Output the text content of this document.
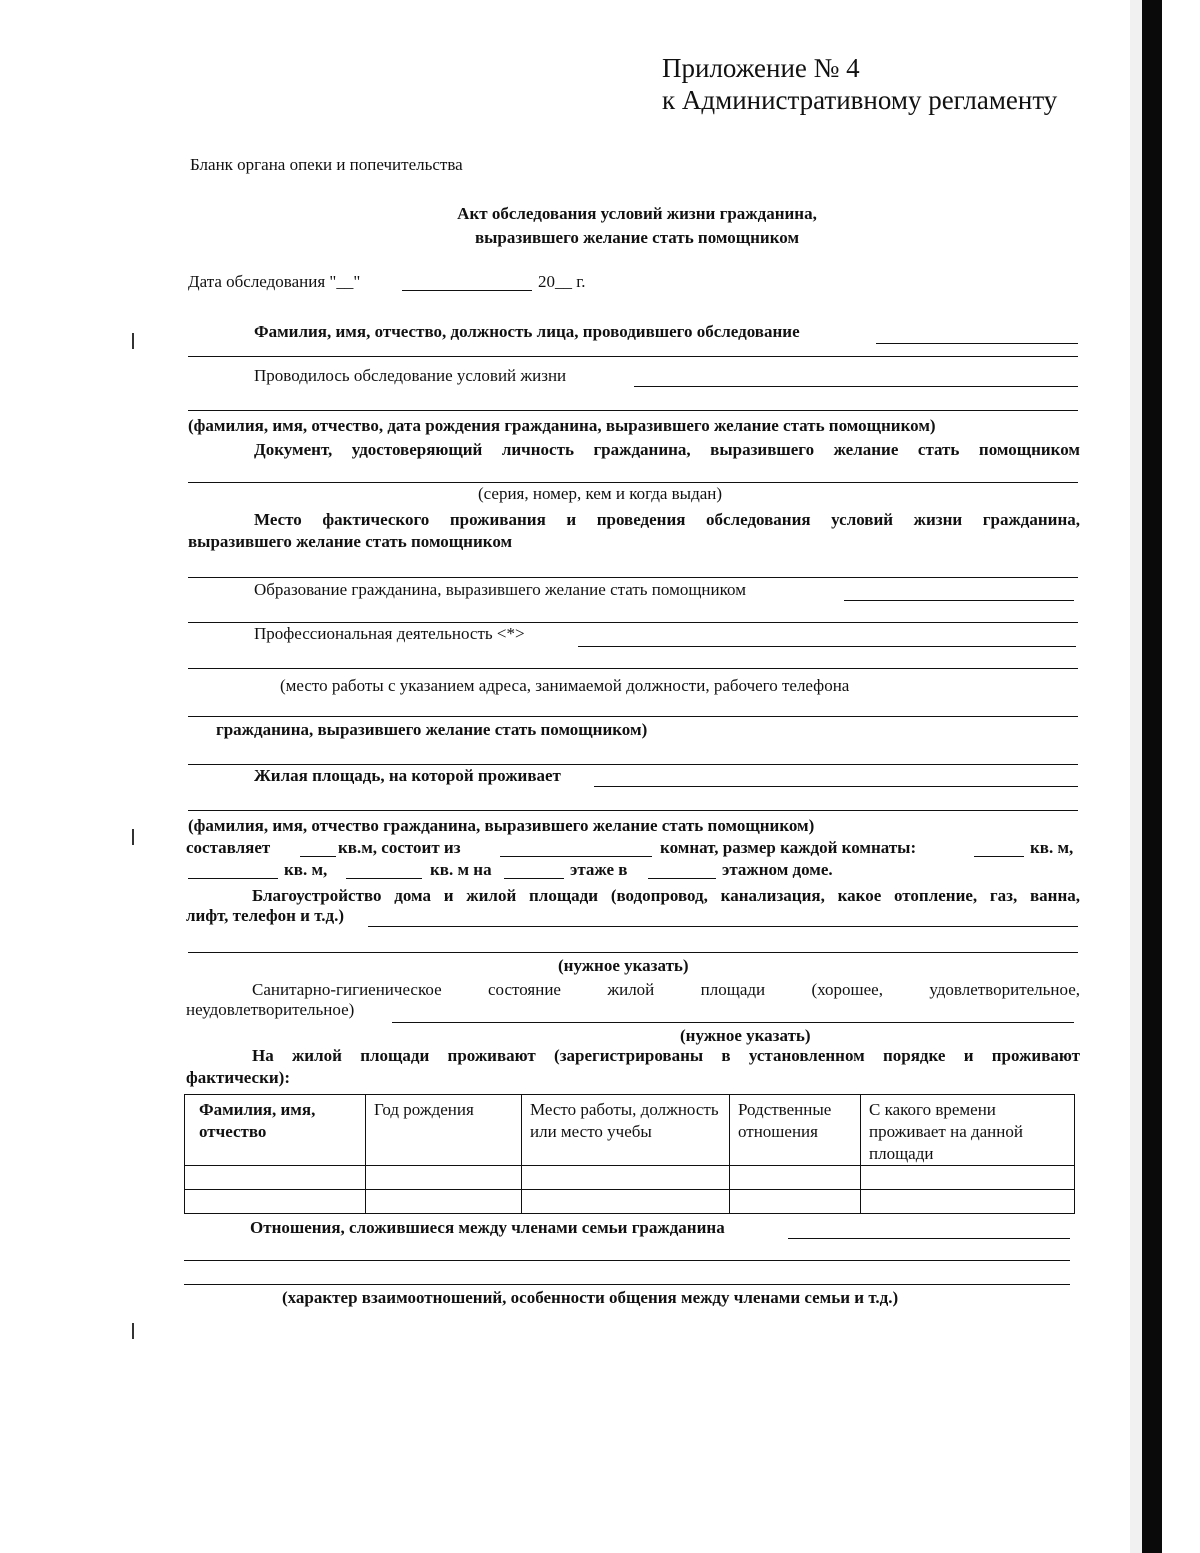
Приложение № 4
к Административному регламенту
Бланк органа опеки и попечительства
Акт обследования условий жизни гражданина,
выразившего желание стать помощником
Дата обследования "__"	20__ г.
Фамилия, имя, отчество, должность лица, проводившего обследование
Проводилось обследование условий жизни
(фамилия, имя, отчество, дата рождения гражданина, выразившего желание стать помощником)
Документ, удостоверяющий личность гражданина, выразившего желание стать помощником
(серия, номер, кем и когда выдан)
Место фактического проживания и проведения обследования условий жизни гражданина,
выразившего желание стать помощником
Образование гражданина, выразившего желание стать помощником
Профессиональная деятельность <*>
(место работы с указанием адреса, занимаемой должности, рабочего телефона
гражданина, выразившего желание стать помощником)
Жилая площадь, на которой проживает
(фамилия, имя, отчество гражданина, выразившего желание стать помощником)
составляет	кв.м, состоит из	комнат, размер каждой комнаты:	кв. м,
кв. м,	кв. м на	этаже в	этажном доме.
Благоустройство дома и жилой площади (водопровод, канализация, какое отопление, газ, ванна,
лифт, телефон и т.д.)
(нужное указать)
Санитарно-гигиеническое состояние жилой площади (хорошее, удовлетворительное,
неудовлетворительное)
(нужное указать)
На жилой площади проживают (зарегистрированы в установленном порядке и проживают
фактически):
Фамилия, имя, отчество	Год рождения	Место работы, должность или место учебы	Родственные отношения	С какого времени проживает на данной площади

Отношения, сложившиеся между членами семьи гражданина
(характер взаимоотношений, особенности общения между членами семьи и т.д.)
